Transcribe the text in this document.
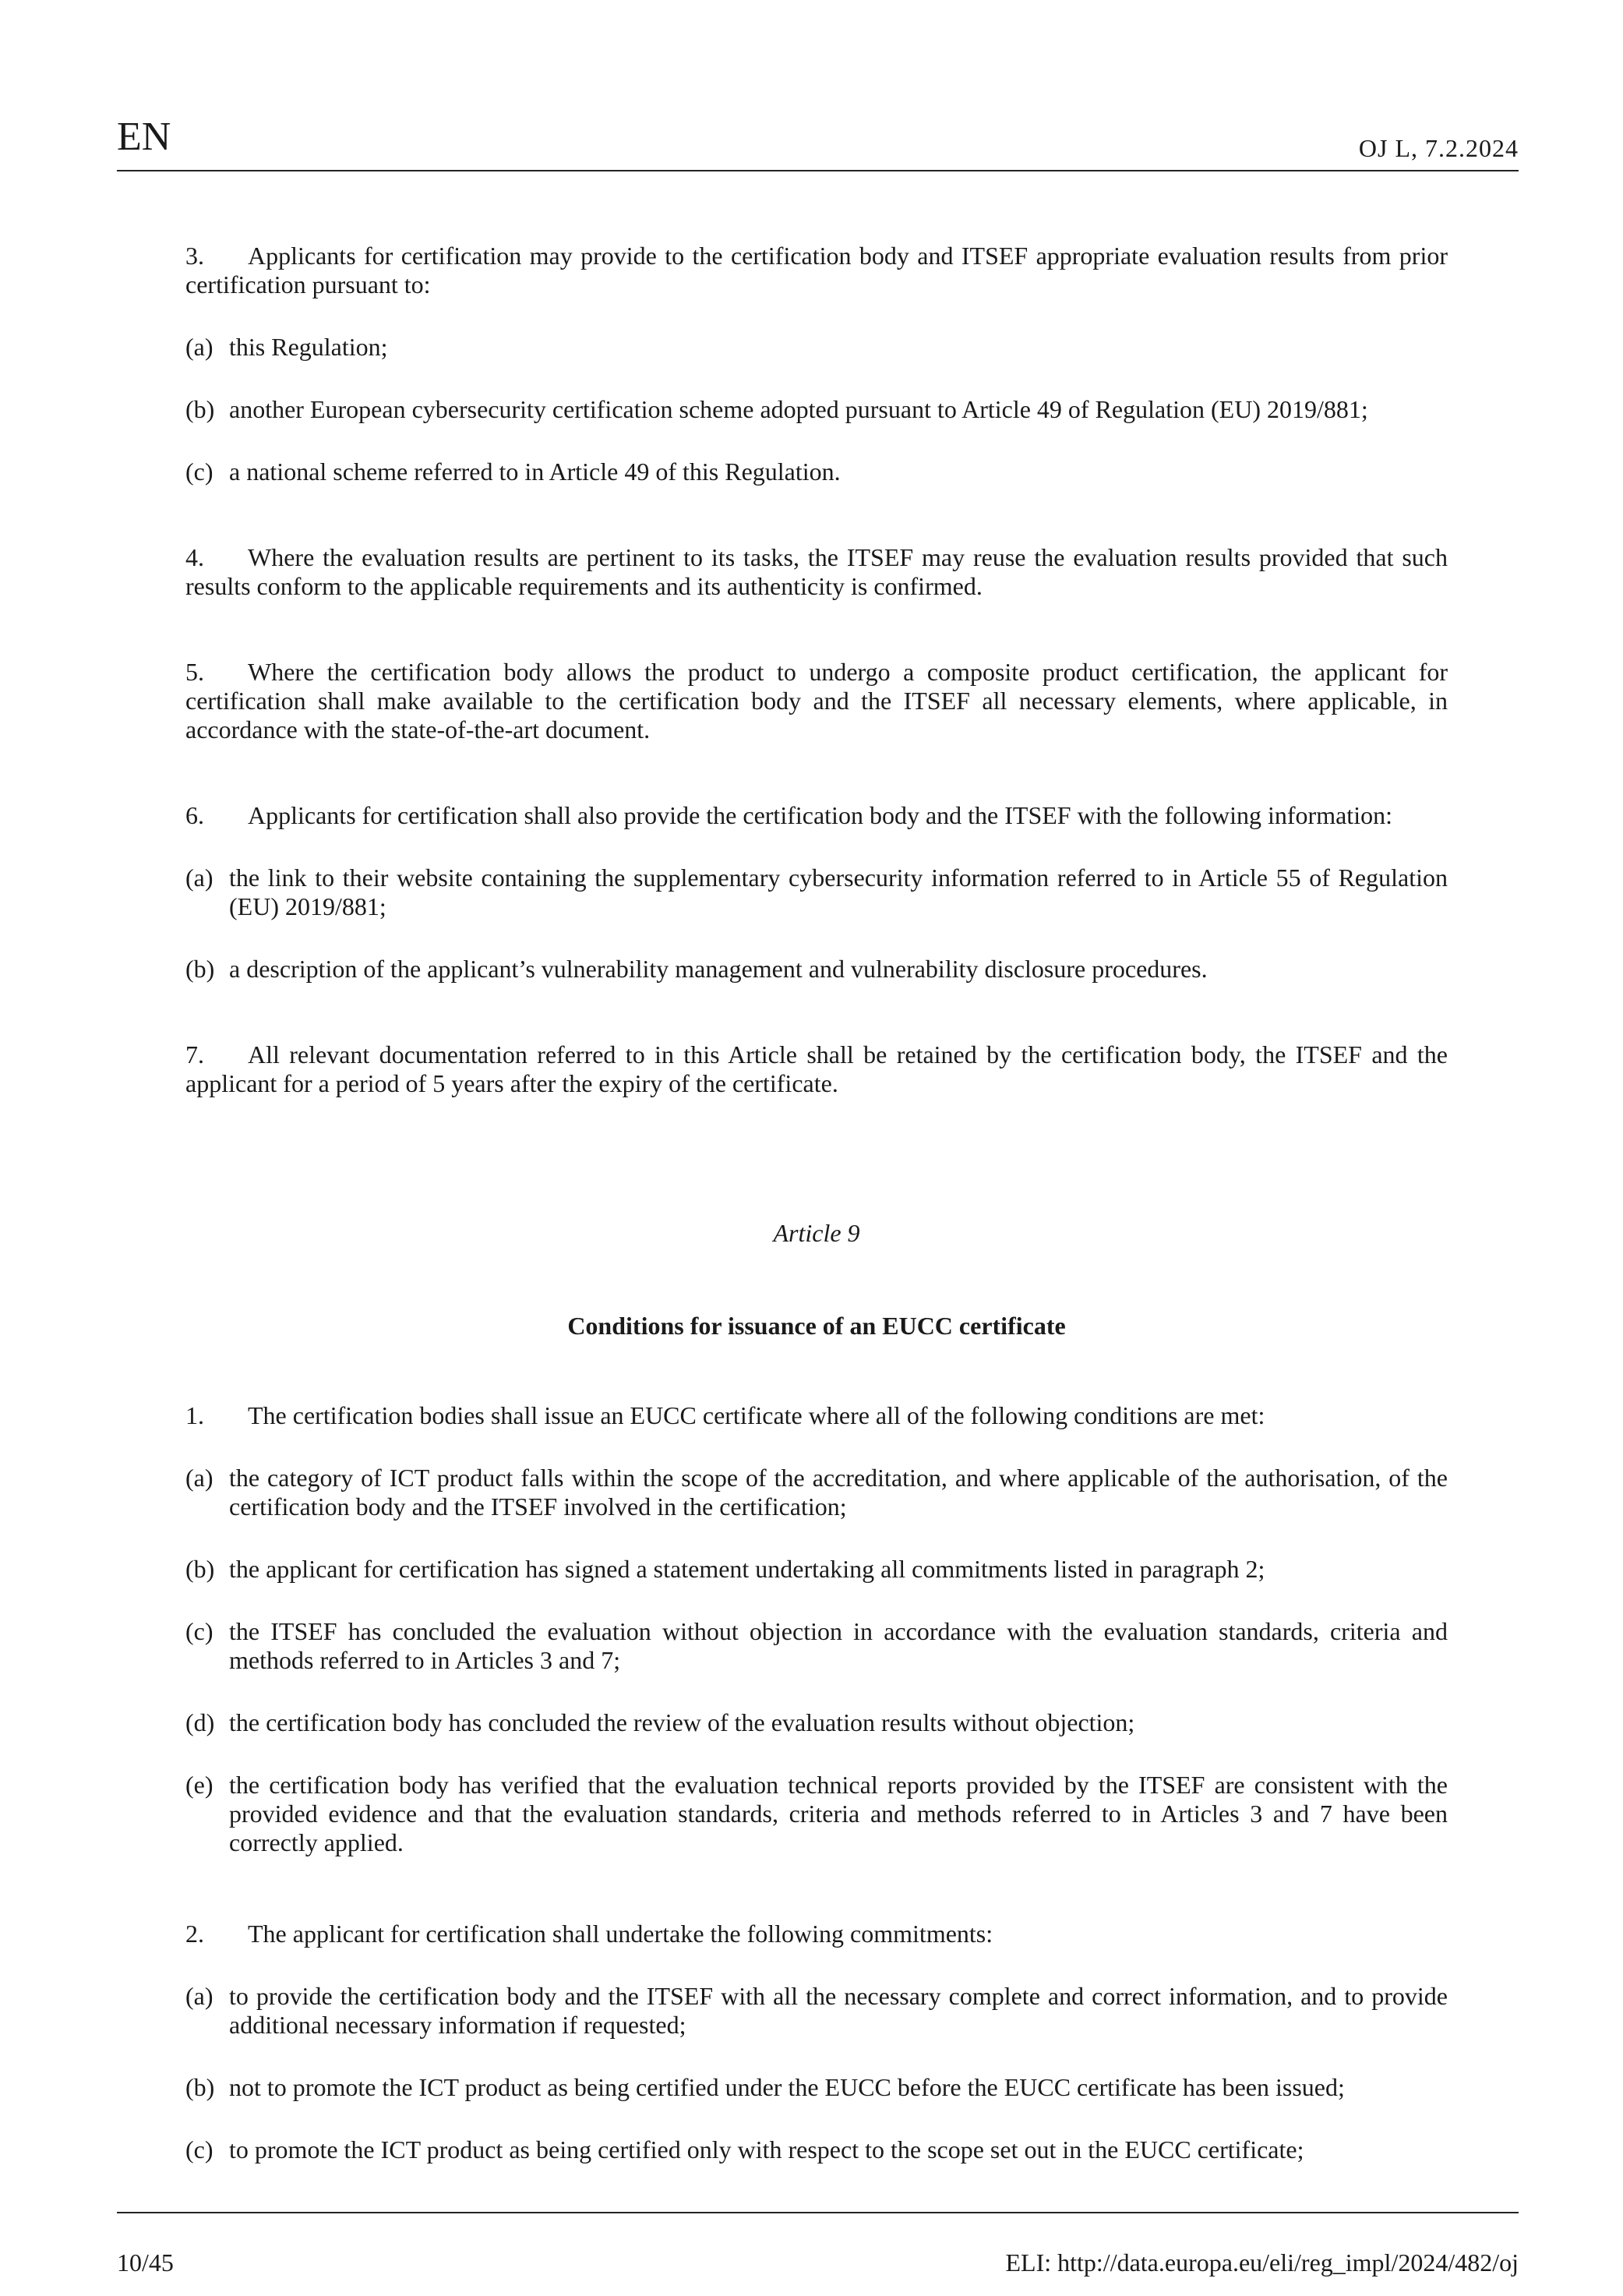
EN	OJ L, 7.2.2024

3. Applicants for certification may provide to the certification body and ITSEF appropriate evaluation results from prior certification pursuant to:

(a) this Regulation;
(b) another European cybersecurity certification scheme adopted pursuant to Article 49 of Regulation (EU) 2019/881;
(c) a national scheme referred to in Article 49 of this Regulation.

4. Where the evaluation results are pertinent to its tasks, the ITSEF may reuse the evaluation results provided that such results conform to the applicable requirements and its authenticity is confirmed.

5. Where the certification body allows the product to undergo a composite product certification, the applicant for certification shall make available to the certification body and the ITSEF all necessary elements, where applicable, in accordance with the state-of-the-art document.

6. Applicants for certification shall also provide the certification body and the ITSEF with the following information:

(a) the link to their website containing the supplementary cybersecurity information referred to in Article 55 of Regulation (EU) 2019/881;
(b) a description of the applicant’s vulnerability management and vulnerability disclosure procedures.

7. All relevant documentation referred to in this Article shall be retained by the certification body, the ITSEF and the applicant for a period of 5 years after the expiry of the certificate.

Article 9
Conditions for issuance of an EUCC certificate

1. The certification bodies shall issue an EUCC certificate where all of the following conditions are met:

(a) the category of ICT product falls within the scope of the accreditation, and where applicable of the authorisation, of the certification body and the ITSEF involved in the certification;
(b) the applicant for certification has signed a statement undertaking all commitments listed in paragraph 2;
(c) the ITSEF has concluded the evaluation without objection in accordance with the evaluation standards, criteria and methods referred to in Articles 3 and 7;
(d) the certification body has concluded the review of the evaluation results without objection;
(e) the certification body has verified that the evaluation technical reports provided by the ITSEF are consistent with the provided evidence and that the evaluation standards, criteria and methods referred to in Articles 3 and 7 have been correctly applied.

2. The applicant for certification shall undertake the following commitments:

(a) to provide the certification body and the ITSEF with all the necessary complete and correct information, and to provide additional necessary information if requested;
(b) not to promote the ICT product as being certified under the EUCC before the EUCC certificate has been issued;
(c) to promote the ICT product as being certified only with respect to the scope set out in the EUCC certificate;
10/45	ELI: http://data.europa.eu/eli/reg_impl/2024/482/oj
